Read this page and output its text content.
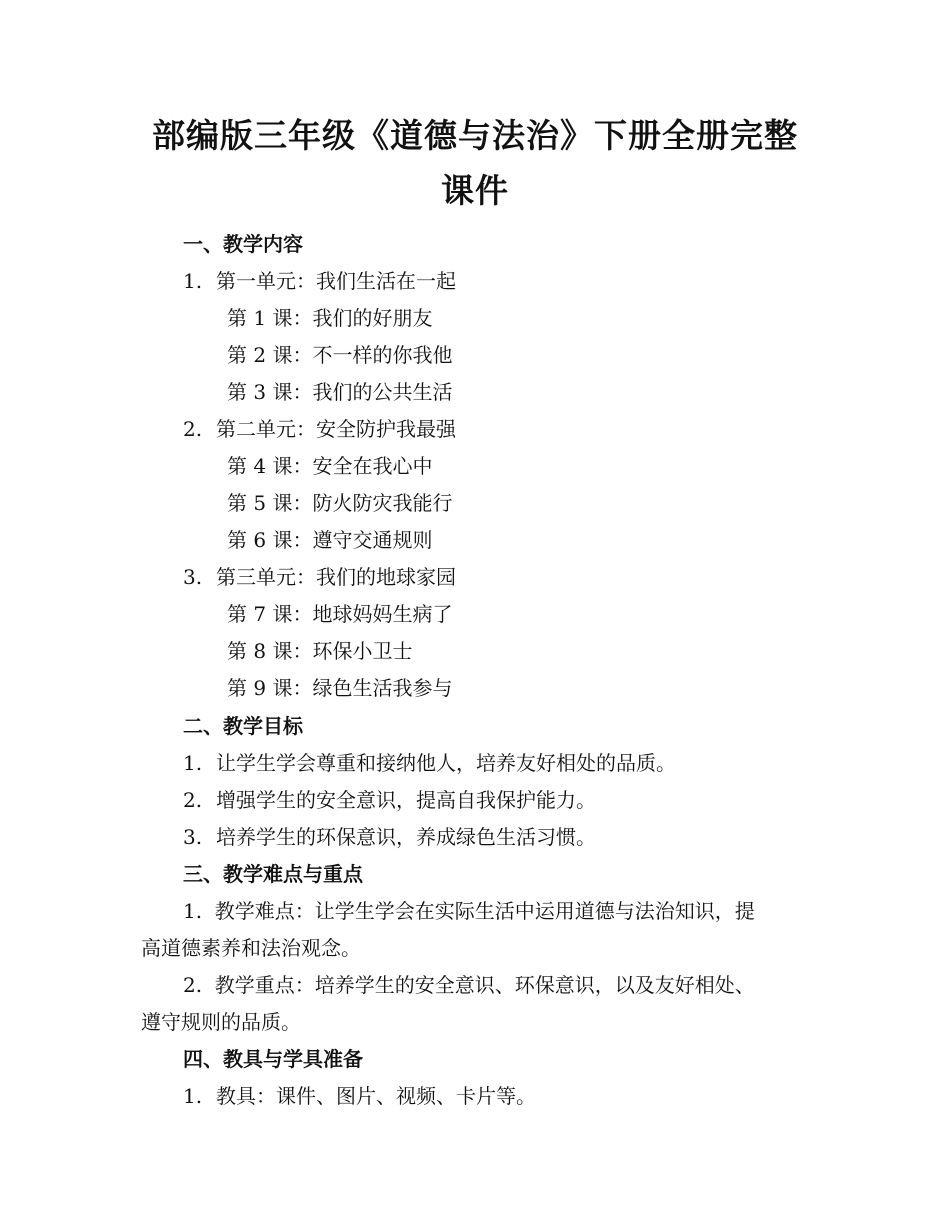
部编版三年级《道德与法治》下册全册完整
课件
一、教学内容
1. 第一单元：我们生活在一起
第 1 课：我们的好朋友
第 2 课：不一样的你我他
第 3 课：我们的公共生活
2. 第二单元：安全防护我最强
第 4 课：安全在我心中
第 5 课：防火防灾我能行
第 6 课：遵守交通规则
3. 第三单元：我们的地球家园
第 7 课：地球妈妈生病了
第 8 课：环保小卫士
第 9 课：绿色生活我参与
二、教学目标
1. 让学生学会尊重和接纳他人，培养友好相处的品质。
2. 增强学生的安全意识，提高自我保护能力。
3. 培养学生的环保意识，养成绿色生活习惯。
三、教学难点与重点
1.  教学难点：让学生学会在实际生活中运用道德与法治知识，提
高道德素养和法治观念。
2.  教学重点：培养学生的安全意识、环保意识，以及友好相处、
遵守规则的品质。
四、教具与学具准备
1. 教具：课件、图片、视频、卡片等。
